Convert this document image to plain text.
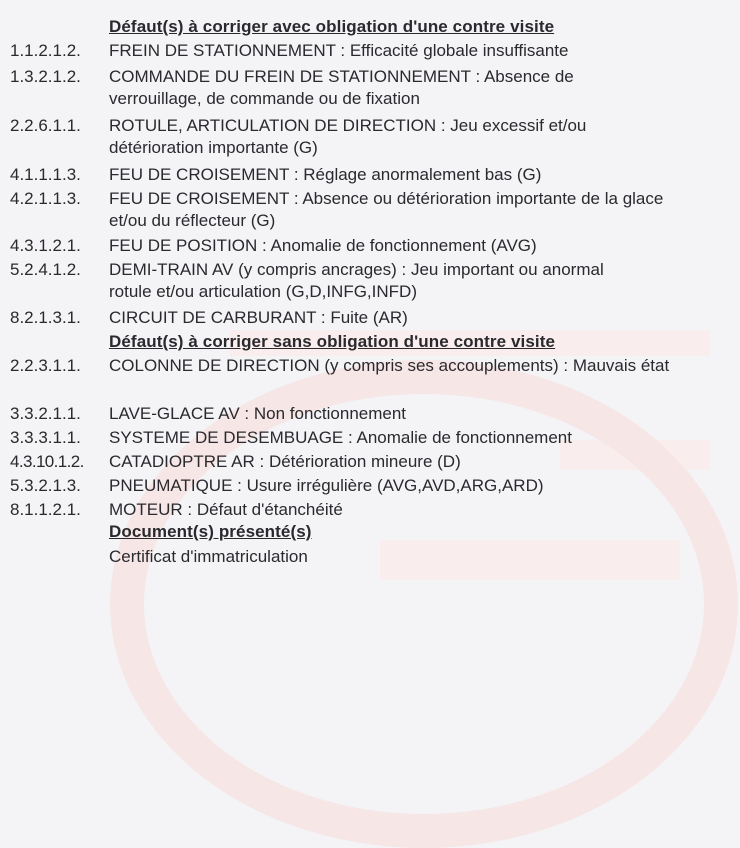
Défaut(s) à corriger avec obligation d'une contre visite
1.1.2.1.2. FREIN DE STATIONNEMENT : Efficacité globale insuffisante
1.3.2.1.2. COMMANDE DU FREIN DE STATIONNEMENT : Absence de verrouillage, de commande ou de fixation
2.2.6.1.1. ROTULE, ARTICULATION DE DIRECTION : Jeu excessif et/ou détérioration importante (G)
4.1.1.1.3. FEU DE CROISEMENT : Réglage anormalement bas (G)
4.2.1.1.3. FEU DE CROISEMENT : Absence ou détérioration importante de la glace et/ou du réflecteur (G)
4.3.1.2.1. FEU DE POSITION : Anomalie de fonctionnement (AVG)
5.2.4.1.2. DEMI-TRAIN AV (y compris ancrages) : Jeu important ou anormal rotule et/ou articulation (G,D,INFG,INFD)
8.2.1.3.1. CIRCUIT DE CARBURANT : Fuite (AR)
Défaut(s) à corriger sans obligation d'une contre visite
2.2.3.1.1. COLONNE DE DIRECTION (y compris ses accouplements) : Mauvais état
3.3.2.1.1. LAVE-GLACE AV : Non fonctionnement
3.3.3.1.1. SYSTEME DE DESEMBUAGE : Anomalie de fonctionnement
4.3.10.1.2. CATADIOPTRE AR : Détérioration mineure (D)
5.3.2.1.3. PNEUMATIQUE : Usure irrégulière (AVG,AVD,ARG,ARD)
8.1.1.2.1. MOTEUR : Défaut d'étanchéité
Document(s) présenté(s)
Certificat d'immatriculation
